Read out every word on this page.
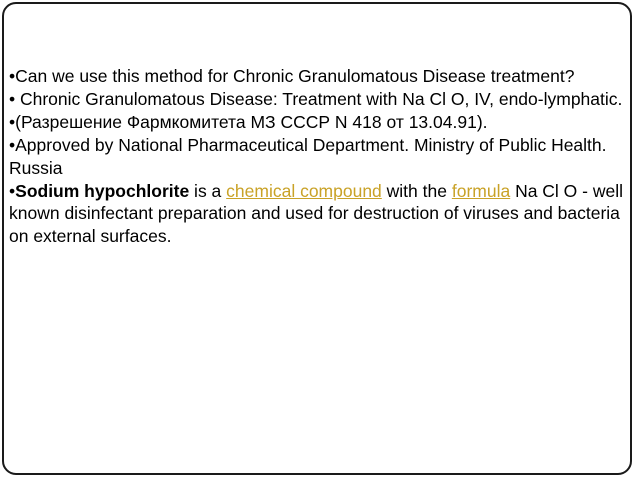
•Can we use this method for Chronic Granulomatous Disease treatment?

• Chronic Granulomatous Disease: Treatment with Na Cl O, IV, endo-lymphatic.

•(Разрешение Фармкомитета МЗ СССР N 418 от 13.04.91).

•Approved by National Pharmaceutical Department. Ministry of Public Health. Russia

•Sodium hypochlorite is a chemical compound with the formula Na Cl O - well known disinfectant preparation and used for destruction of viruses and bacteria on external surfaces.
